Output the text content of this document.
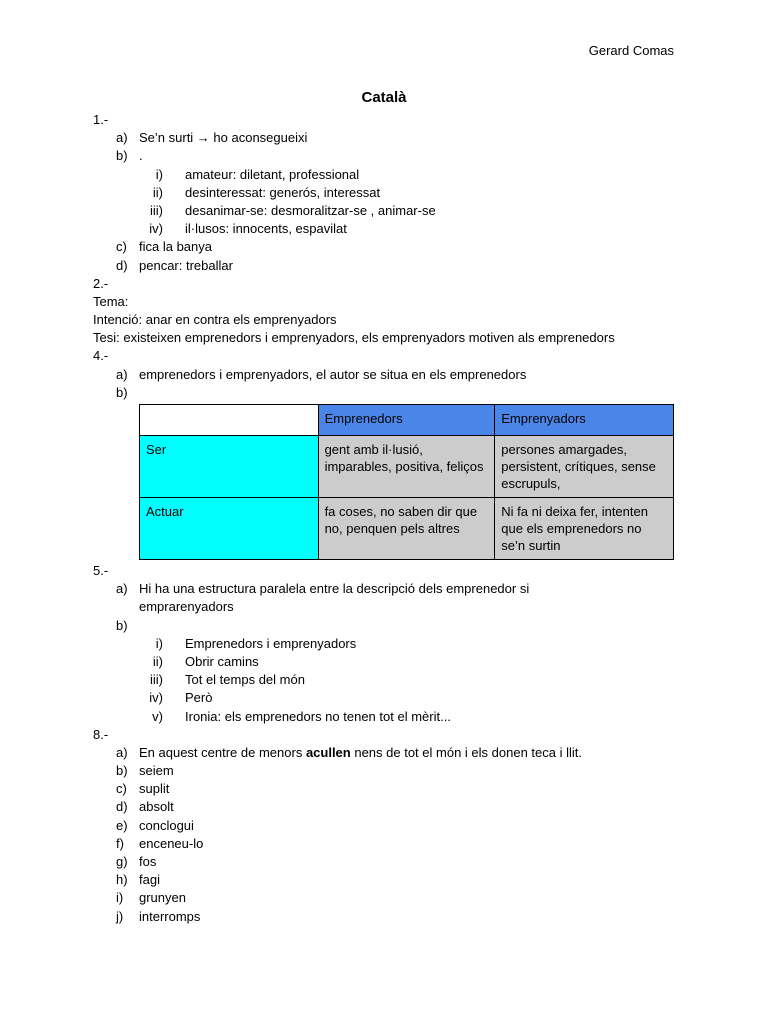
Gerard Comas
Català
1.-
a) Se’n surti → ho aconsegueixi
b) .
i) amateur: diletant, professional
ii) desinteressat: generós, interessat
iii) desanimar-se: desmoralitzar-se , animar-se
iv) il·lusos: innocents, espavilat
c) fica la banya
d) pencar: treballar
2.-
Tema:
Intenció: anar en contra els emprenyadors
Tesi: existeixen emprenedors i emprenyadors, els emprenyadors motiven als emprenedors
4.-
a) emprenedors i emprenyadors, el autor se situa en els emprenedors
b)
	Emprenedors	Emprenyadors
Ser	gent amb il·lusió, imparables, positiva, feliços	persones amargades, persistent, crítiques, sense escrupuls,
Actuar	fa coses, no saben dir que no, penquen pels altres	Ni fa ni deixa fer, intenten que els emprenedors no se’n surtin
5.-
a) Hi ha una estructura paralela entre la descripció dels emprenedor si emprarenyadors
b)
i) Emprenedors i emprenyadors
ii) Obrir camins
iii) Tot el temps del món
iv) Però
v) Ironia: els emprenedors no tenen tot el mèrit...
8.-
a) En aquest centre de menors acullen nens de tot el món i els donen teca i llit.
b) seiem
c) suplit
d) absolt
e) conclogui
f) enceneu-lo
g) fos
h) fagi
i) grunyen
j) interromps
